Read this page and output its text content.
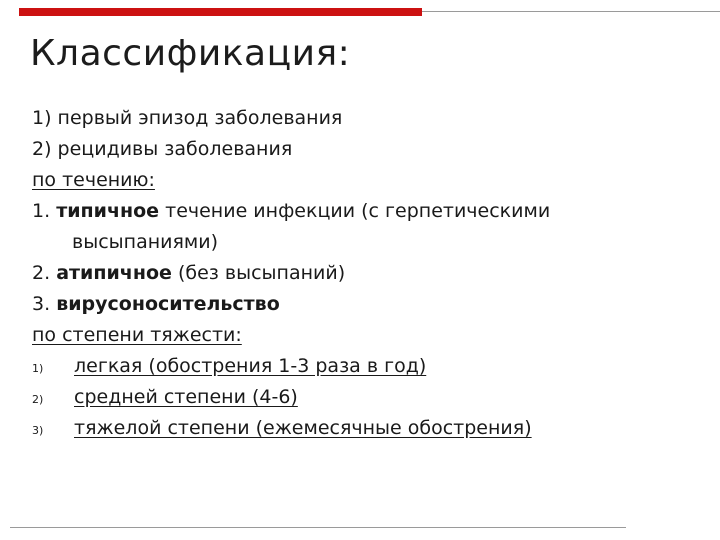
Классификация:
1) первый эпизод заболевания
2) рецидивы заболевания
по течению:
1. типичное течение инфекции (с герпетическими
высыпаниями)
2. атипичное (без высыпаний)
3. вирусоносительство
по степени тяжести:
1) легкая (обострения 1-3 раза в год)
2) средней степени (4-6)
3) тяжелой степени (ежемесячные обострения)
